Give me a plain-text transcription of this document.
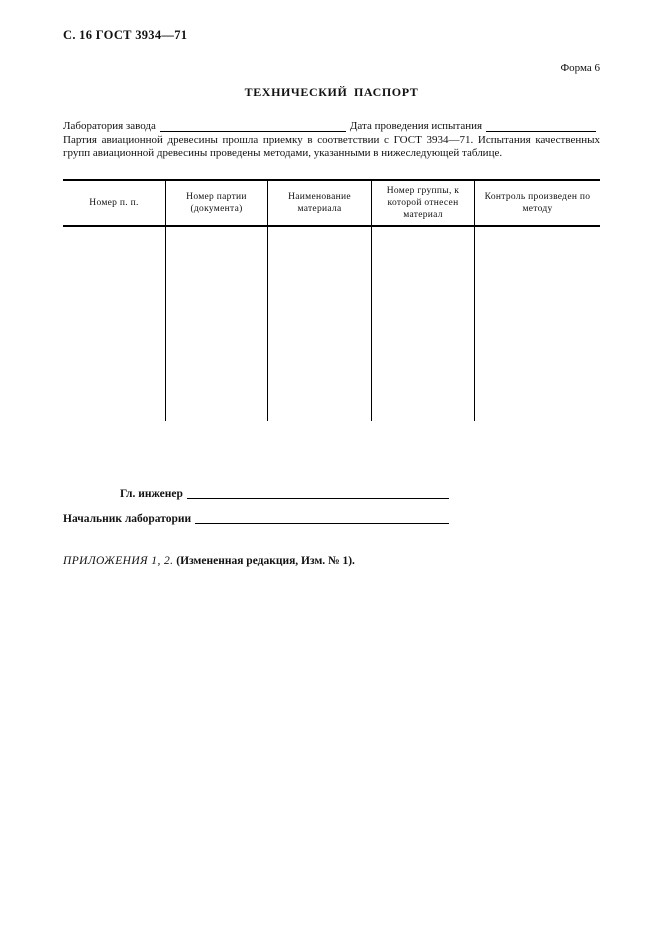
С. 16 ГОСТ 3934—71
Форма 6
ТЕХНИЧЕСКИЙ ПАСПОРТ
Лаборатория завода	Дата проведения испытания
Партия авиационной древесины прошла приемку в соответствии с ГОСТ 3934—71. Испытания качественных групп авиационной древесины проведены методами, указанными в нижеследующей таблице.
Номер п. п.
Номер партии (документа)
Наименование материала
Номер группы, к которой отнесен материал
Контроль произведен по методу
Гл. инженер
Начальник лаборатории
ПРИЛОЖЕНИЯ 1, 2. (Измененная редакция, Изм. № 1).
